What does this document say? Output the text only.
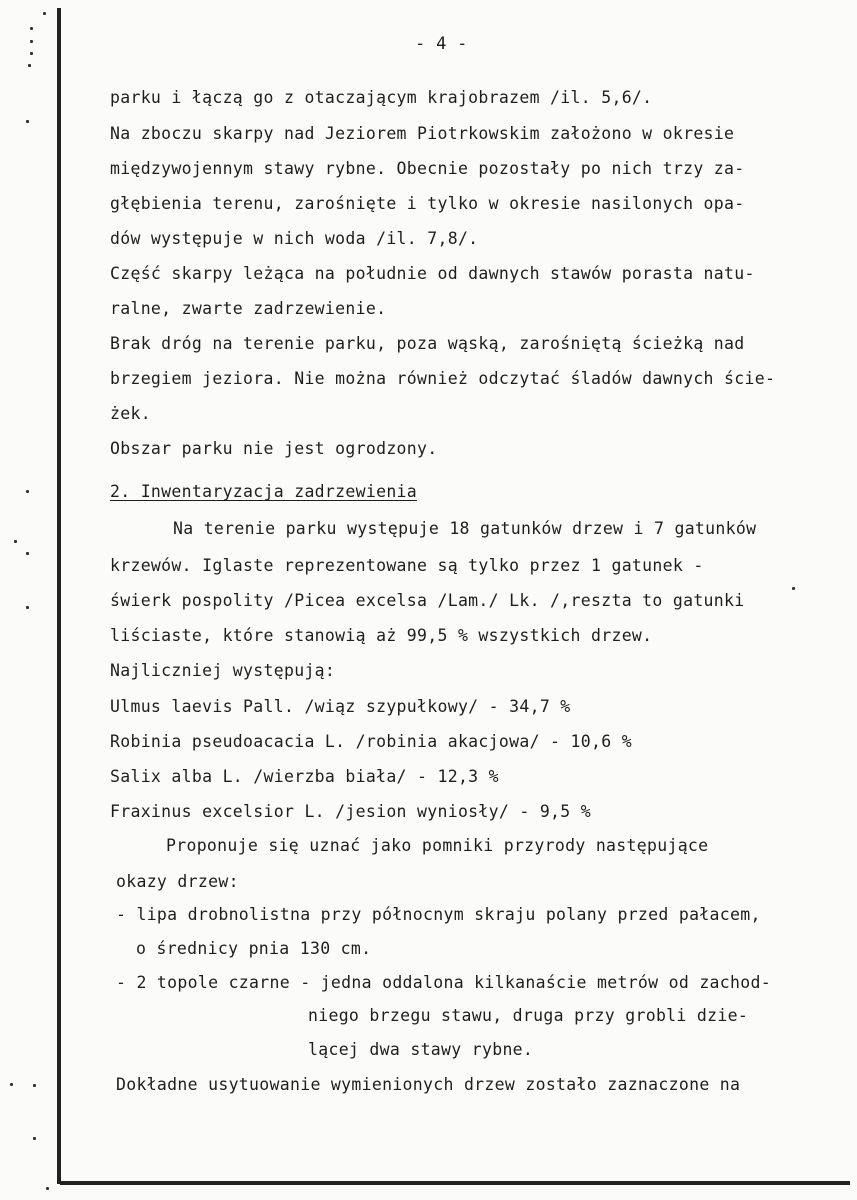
- 4 -
parku i łączą go z otaczającym krajobrazem /il. 5,6/.
Na zboczu skarpy nad Jeziorem Piotrkowskim założono w okresie
międzywojennym stawy rybne. Obecnie pozostały po nich trzy za-
głębienia terenu, zarośnięte i tylko w okresie nasilonych opa-
dów występuje w nich woda /il. 7,8/.
Część skarpy leżąca na południe od dawnych stawów porasta natu-
ralne, zwarte zadrzewienie.
Brak dróg na terenie parku, poza wąską, zarośniętą ścieżką nad
brzegiem jeziora. Nie można również odczytać śladów dawnych ście-
żek.
Obszar parku nie jest ogrodzony.
2. Inwentaryzacja zadrzewienia
Na terenie parku występuje 18 gatunków drzew i 7 gatunków
krzewów. Iglaste reprezentowane są tylko przez 1 gatunek -
świerk pospolity /Picea excelsa /Lam./ Lk. /,reszta to gatunki
liściaste, które stanowią aż 99,5 % wszystkich drzew.
Najliczniej występują:
Ulmus laevis Pall. /wiąz szypułkowy/ - 34,7 %
Robinia pseudoacacia L. /robinia akacjowa/ - 10,6 %
Salix alba L. /wierzba biała/ - 12,3 %
Fraxinus excelsior L. /jesion wyniosły/ - 9,5 %
Proponuje się uznać jako pomniki przyrody następujące
okazy drzew:
- lipa drobnolistna przy północnym skraju polany przed pałacem,
o średnicy pnia 130 cm.
- 2 topole czarne - jedna oddalona kilkanaście metrów od zachod-
niego brzegu stawu, druga przy grobli dzie-
lącej dwa stawy rybne.
Dokładne usytuowanie wymienionych drzew zostało zaznaczone na
